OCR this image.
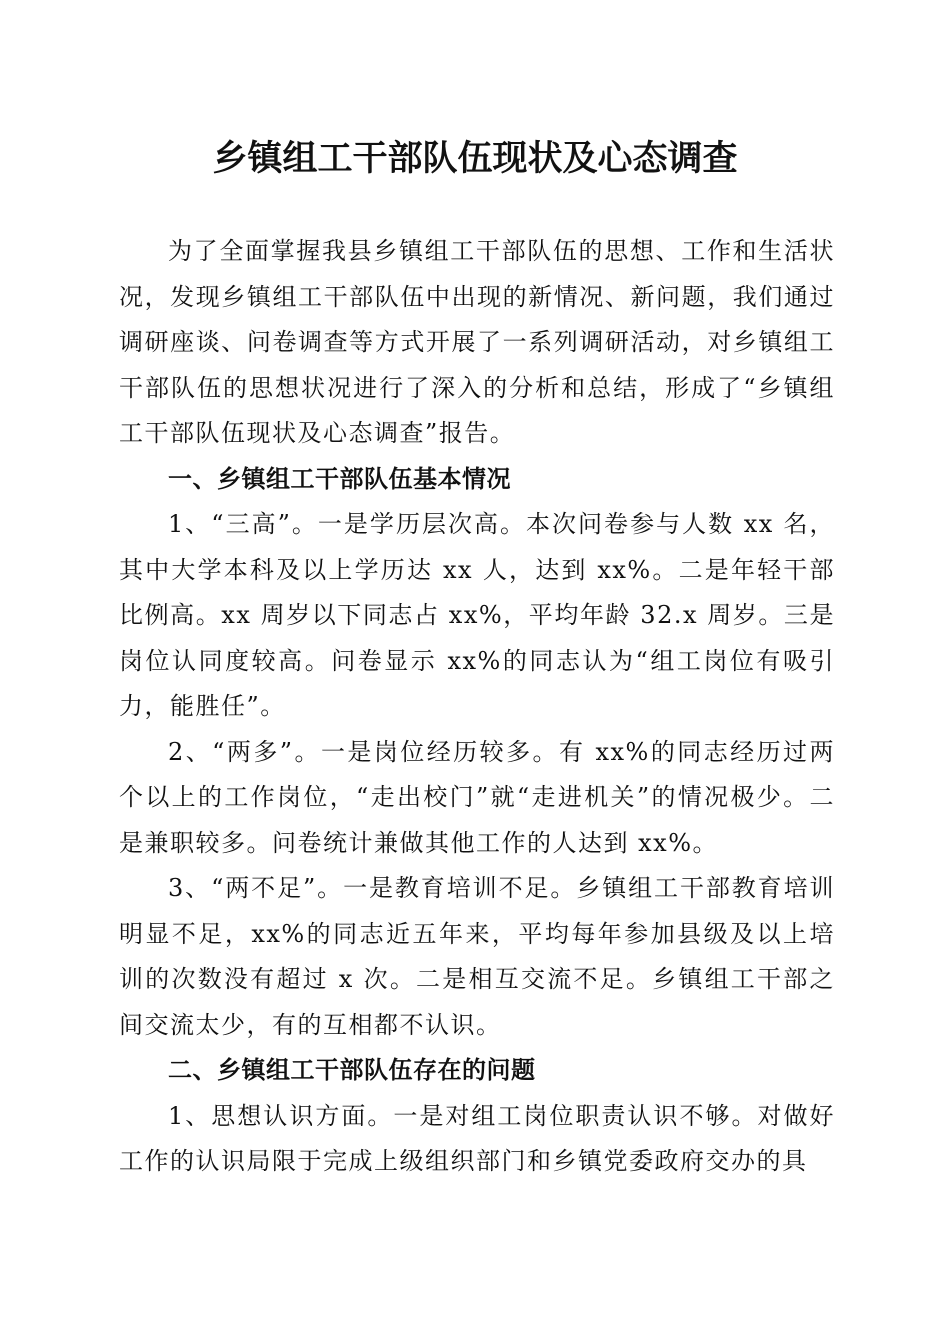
乡镇组工干部队伍现状及心态调查

为了全面掌握我县乡镇组工干部队伍的思想、工作和生活状况，发现乡镇组工干部队伍中出现的新情况、新问题，我们通过调研座谈、问卷调查等方式开展了一系列调研活动，对乡镇组工干部队伍的思想状况进行了深入的分析和总结，形成了“乡镇组工干部队伍现状及心态调查”报告。

一、乡镇组工干部队伍基本情况

1、“三高”。一是学历层次高。本次问卷参与人数 xx 名，其中大学本科及以上学历达 xx 人，达到 xx%。二是年轻干部比例高。xx 周岁以下同志占 xx%，平均年龄 32.x 周岁。三是岗位认同度较高。问卷显示 xx%的同志认为“组工岗位有吸引力，能胜任”。

2、“两多”。一是岗位经历较多。有 xx%的同志经历过两个以上的工作岗位，“走出校门”就“走进机关”的情况极少。二是兼职较多。问卷统计兼做其他工作的人达到 xx%。

3、“两不足”。一是教育培训不足。乡镇组工干部教育培训明显不足，xx%的同志近五年来，平均每年参加县级及以上培训的次数没有超过 x 次。二是相互交流不足。乡镇组工干部之间交流太少，有的互相都不认识。

二、乡镇组工干部队伍存在的问题

1、思想认识方面。一是对组工岗位职责认识不够。对做好工作的认识局限于完成上级组织部门和乡镇党委政府交办的具
